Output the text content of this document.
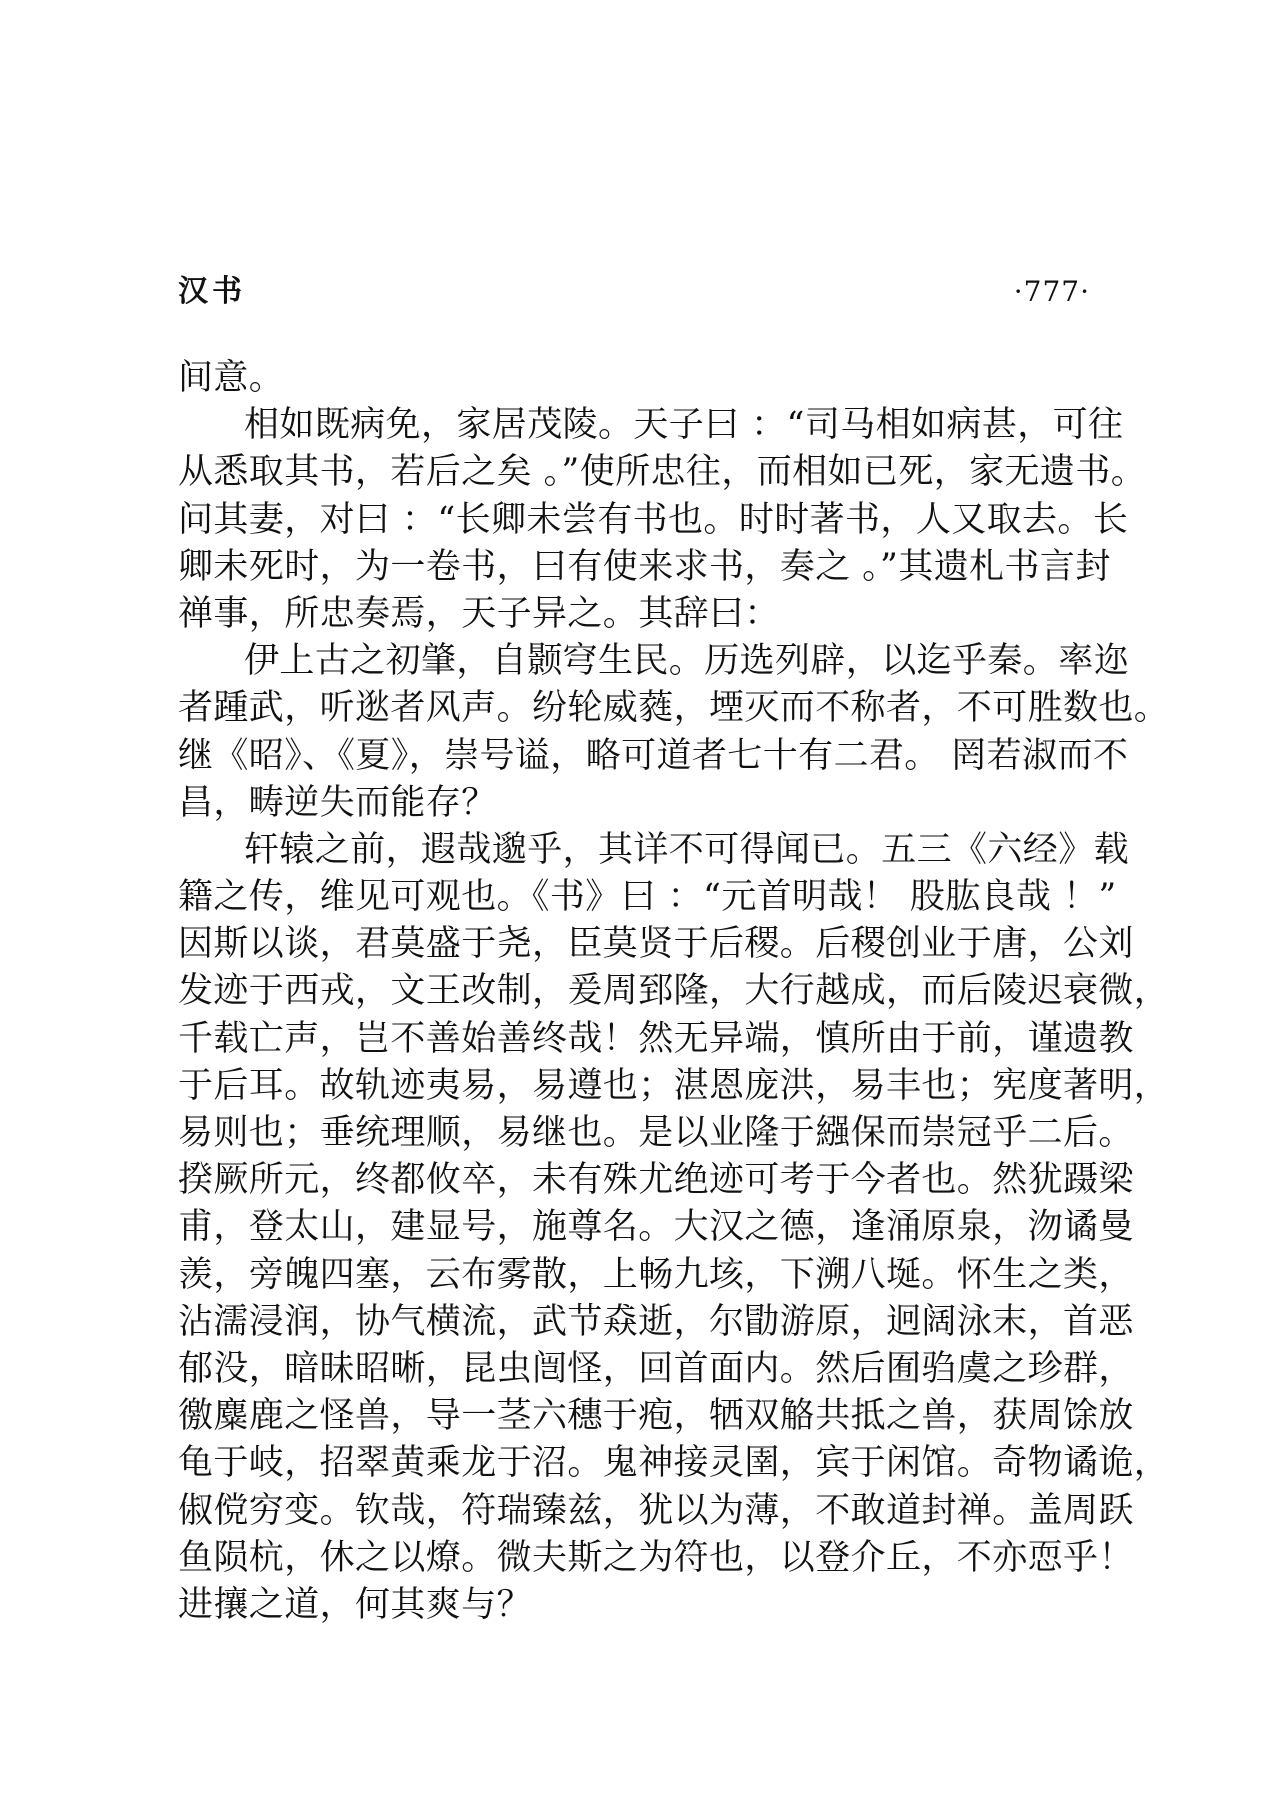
汉书	·777·
间意。
相如既病免，家居茂陵。天子曰 ：“司马相如病甚，可往
从悉取其书，若后之矣 。”使所忠往，而相如已死，家无遗书。
问其妻，对曰 ：“长卿未尝有书也。时时著书，人又取去。长
卿未死时，为一卷书，曰有使来求书，奏之 。”其遗札书言封
禅事，所忠奏焉，天子异之。其辞曰：
伊上古之初肇，自颢穹生民。历选列辟，以迄乎秦。率迩
者踵武，听逖者风声。纷轮威蕤，堙灭而不称者，不可胜数也。
继《昭》、《夏》，崇号谥，略可道者七十有二君。 罔若淑而不
昌，畴逆失而能存？
轩辕之前，遐哉邈乎，其详不可得闻已。五三《六经》载
籍之传，维见可观也。《书》曰 ：“元首明哉！ 股肱良哉 ！”
因斯以谈，君莫盛于尧，臣莫贤于后稷。后稷创业于唐，公刘
发迹于西戎，文王改制，爰周郅隆，大行越成，而后陵迟衰微，
千载亡声，岂不善始善终哉！然无异端，慎所由于前，谨遗教
于后耳。故轨迹夷易，易遵也；湛恩庞洪，易丰也；宪度著明，
易则也；垂统理顺，易继也。是以业隆于繦保而崇冠乎二后。
揆厥所元，终都攸卒，未有殊尤绝迹可考于今者也。然犹蹑梁
甫，登太山，建显号，施尊名。大汉之德，逢涌原泉，沕谲曼
羡，旁魄四塞，云布雾散，上畅九垓，下溯八埏。怀生之类，
沾濡浸润，协气横流，武节猋逝，尔勖游原，迥阔泳末，首恶
郁没，暗昧昭晰，昆虫闿怪，回首面内。然后囿驺虞之珍群，
徼麋鹿之怪兽，导一茎六穗于疱，牺双觡共抵之兽，获周馀放
龟于岐，招翠黄乘龙于沼。鬼神接灵圉，宾于闲馆。奇物谲诡，
俶傥穷变。钦哉，符瑞臻兹，犹以为薄，不敢道封禅。盖周跃
鱼陨杭，休之以燎。微夫斯之为符也，以登介丘，不亦恧乎！
进攘之道，何其爽与？
